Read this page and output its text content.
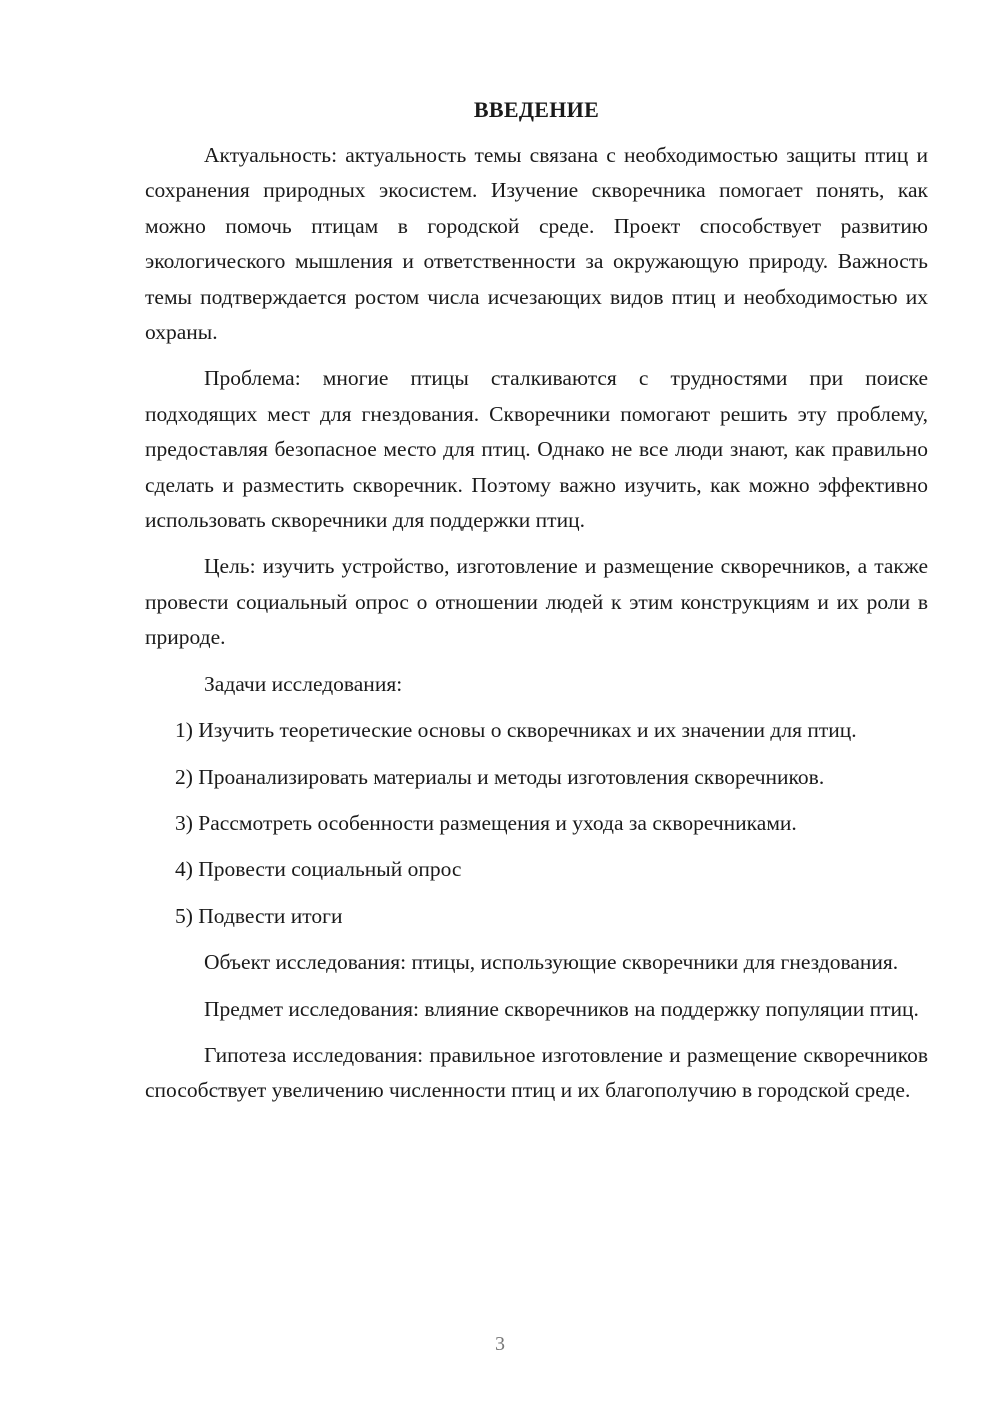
ВВЕДЕНИЕ

Актуальность: актуальность темы связана с необходимостью защиты птиц и сохранения природных экосистем. Изучение скворечника помогает понять, как можно помочь птицам в городской среде. Проект способствует развитию экологического мышления и ответственности за окружающую природу. Важность темы подтверждается ростом числа исчезающих видов птиц и необходимостью их охраны.

Проблема: многие птицы сталкиваются с трудностями при поиске подходящих мест для гнездования. Скворечники помогают решить эту проблему, предоставляя безопасное место для птиц. Однако не все люди знают, как правильно сделать и разместить скворечник. Поэтому важно изучить, как можно эффективно использовать скворечники для поддержки птиц.

Цель: изучить устройство, изготовление и размещение скворечников, а также провести социальный опрос о отношении людей к этим конструкциям и их роли в природе.

Задачи исследования:

1) Изучить теоретические основы о скворечниках и их значении для птиц.

2) Проанализировать материалы и методы изготовления скворечников.

3) Рассмотреть особенности размещения и ухода за скворечниками.

4) Провести социальный опрос

5) Подвести итоги

Объект исследования: птицы, использующие скворечники для гнездования.

Предмет исследования: влияние скворечников на поддержку популяции птиц.

Гипотеза исследования: правильное изготовление и размещение скворечников способствует увеличению численности птиц и их благополучию в городской среде.

3
